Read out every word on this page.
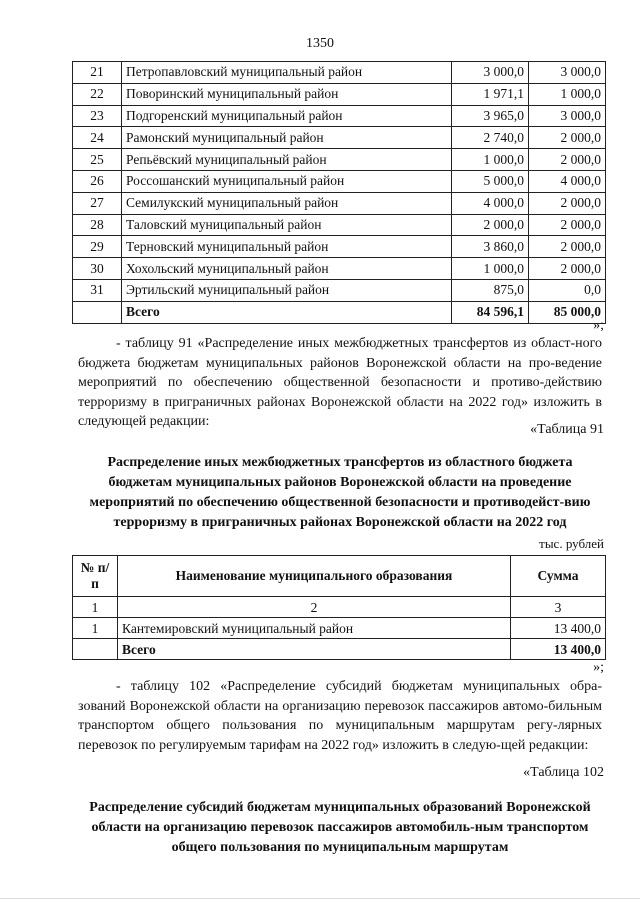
1350
21	Петропавловский муниципальный район	3 000,0	3 000,0
22	Поворинский муниципальный район	1 971,1	1 000,0
23	Подгоренский муниципальный район	3 965,0	3 000,0
24	Рамонский муниципальный район	2 740,0	2 000,0
25	Репьёвский муниципальный район	1 000,0	2 000,0
26	Россошанский муниципальный район	5 000,0	4 000,0
27	Семилукский муниципальный район	4 000,0	2 000,0
28	Таловский муниципальный район	2 000,0	2 000,0
29	Терновский муниципальный район	3 860,0	2 000,0
30	Хохольский муниципальный район	1 000,0	2 000,0
31	Эртильский муниципальный район	875,0	0,0
	Всего	84 596,1	85 000,0
»;

- таблицу 91 «Распределение иных межбюджетных трансфертов из област-ного бюджета бюджетам муниципальных районов Воронежской области на про-ведение мероприятий по обеспечению общественной безопасности и противо-действию терроризму в приграничных районах Воронежской области на 2022 год» изложить в следующей редакции:

«Таблица 91

Распределение иных межбюджетных трансфертов из областного бюджета бюджетам муниципальных районов Воронежской области на проведение мероприятий по обеспечению общественной безопасности и противодейст-вию терроризму в приграничных районах Воронежской области на 2022 год

тыс. рублей
№ п/п	Наименование муниципального образования	Сумма
1	2	3
1	Кантемировский муниципальный район	13 400,0
	Всего	13 400,0
»;

- таблицу 102 «Распределение субсидий бюджетам муниципальных обра-зований Воронежской области на организацию перевозок пассажиров автомо-бильным транспортом общего пользования по муниципальным маршрутам регу-лярных перевозок по регулируемым тарифам на 2022 год» изложить в следую-щей редакции:

«Таблица 102

Распределение субсидий бюджетам муниципальных образований Воронежской области на организацию перевозок пассажиров автомобиль-ным транспортом общего пользования по муниципальным маршрутам
